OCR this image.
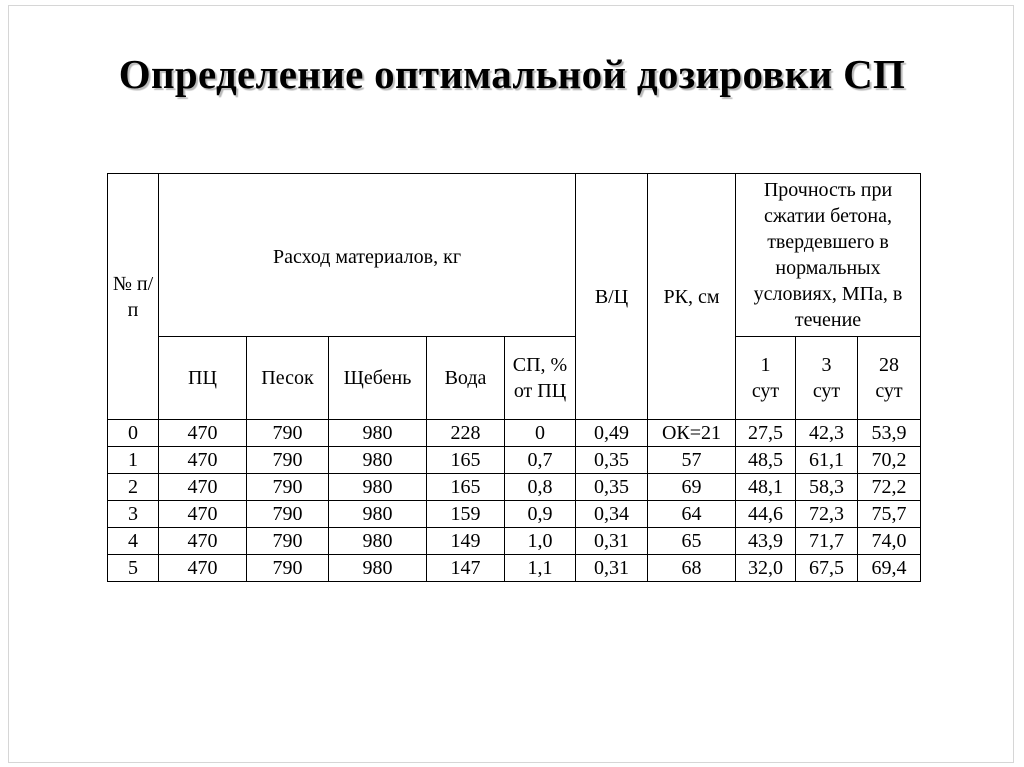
Определение оптимальной дозировки СП
№ п/п	Расход материалов, кг					В/Ц	РК, см	Прочность при сжатии бетона, твердевшего в нормальных условиях, МПа, в течение		
	ПЦ	Песок	Щебень	Вода	СП, % от ПЦ			1 сут	3 сут	28 сут
0	470	790	980	228	0	0,49	ОК=21	27,5	42,3	53,9
1	470	790	980	165	0,7	0,35	57	48,5	61,1	70,2
2	470	790	980	165	0,8	0,35	69	48,1	58,3	72,2
3	470	790	980	159	0,9	0,34	64	44,6	72,3	75,7
4	470	790	980	149	1,0	0,31	65	43,9	71,7	74,0
5	470	790	980	147	1,1	0,31	68	32,0	67,5	69,4
